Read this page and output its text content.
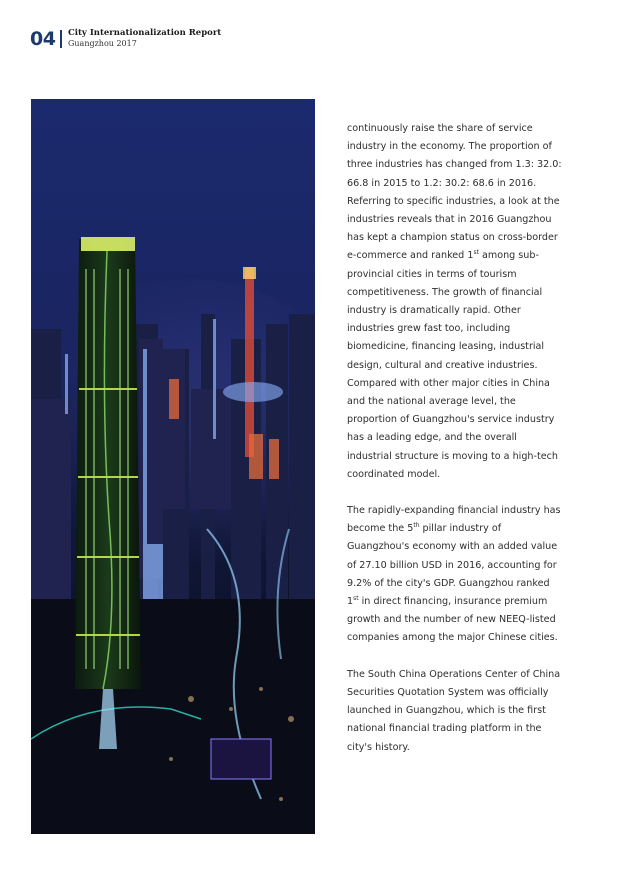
04 City Internationalization Report
Guangzhou 2017

continuously raise the share of service industry in the economy. The proportion of three industries has changed from 1.3: 32.0: 66.8 in 2015 to 1.2: 30.2: 68.6 in 2016. Referring to specific industries, a look at the industries reveals that in 2016 Guangzhou has kept a champion status on cross-border e-commerce and ranked 1st among sub-provincial cities in terms of tourism competitiveness. The growth of financial industry is dramatically rapid. Other industries grew fast too, including biomedicine, financing leasing, industrial design, cultural and creative industries. Compared with other major cities in China and the national average level, the proportion of Guangzhou's service industry has a leading edge, and the overall industrial structure is moving to a high-tech coordinated model.

The rapidly-expanding financial industry has become the 5th pillar industry of Guangzhou's economy with an added value of 27.10 billion USD in 2016, accounting for 9.2% of the city's GDP. Guangzhou ranked 1st in direct financing, insurance premium growth and the number of new NEEQ-listed companies among the major Chinese cities.

The South China Operations Center of China Securities Quotation System was officially launched in Guangzhou, which is the first national financial trading platform in the city's history.
